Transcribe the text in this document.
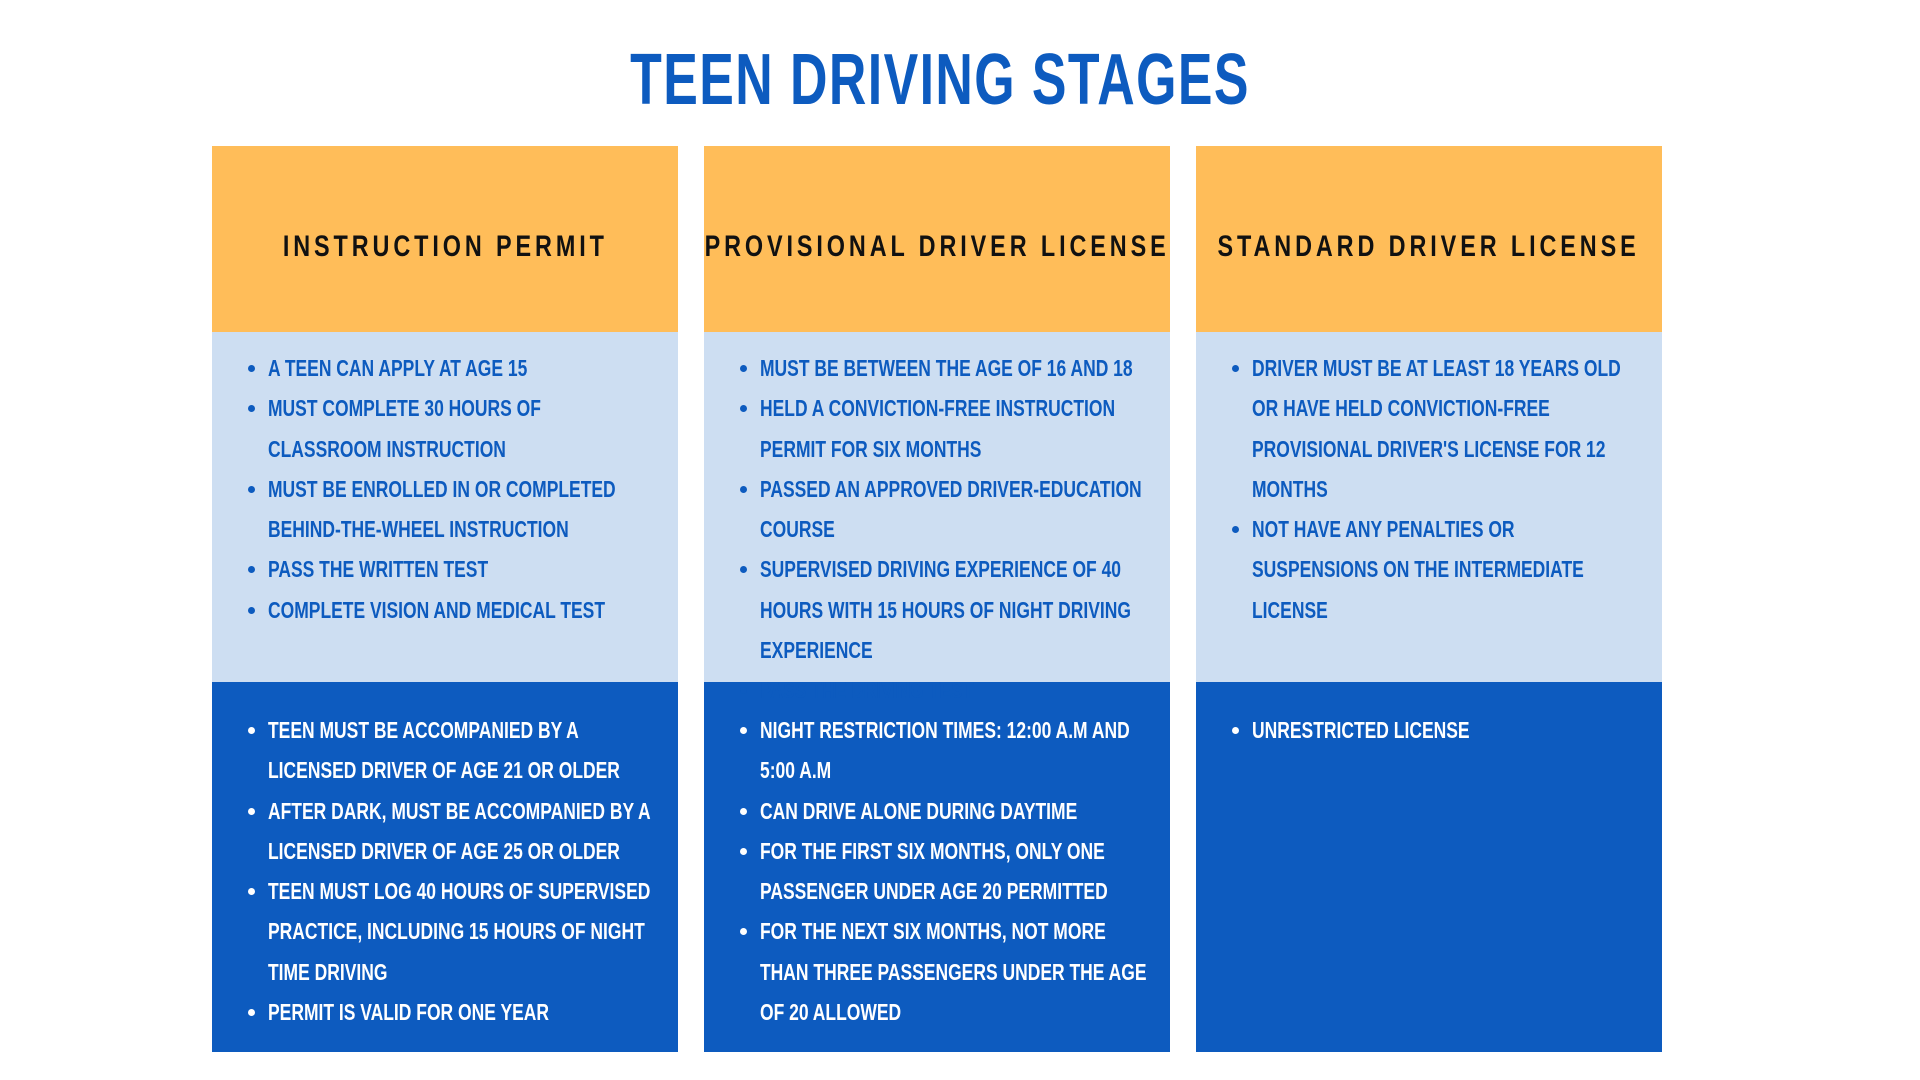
TEEN DRIVING STAGES
INSTRUCTION PERMIT
A TEEN CAN APPLY AT AGE 15
MUST COMPLETE 30 HOURS OF CLASSROOM INSTRUCTION
MUST BE ENROLLED IN OR COMPLETED BEHIND-THE-WHEEL INSTRUCTION
PASS THE WRITTEN TEST
COMPLETE VISION AND MEDICAL TEST
TEEN MUST BE ACCOMPANIED BY A LICENSED DRIVER OF AGE 21 OR OLDER
AFTER DARK, MUST BE ACCOMPANIED BY A LICENSED DRIVER OF AGE 25 OR OLDER
TEEN MUST LOG 40 HOURS OF SUPERVISED PRACTICE, INCLUDING 15 HOURS OF NIGHT TIME DRIVING
PERMIT IS VALID FOR ONE YEAR
PROVISIONAL DRIVER LICENSE
MUST BE BETWEEN THE AGE OF 16 AND 18
HELD A CONVICTION-FREE INSTRUCTION PERMIT FOR SIX MONTHS
PASSED AN APPROVED DRIVER-EDUCATION COURSE
SUPERVISED DRIVING EXPERIENCE OF 40 HOURS WITH 15 HOURS OF NIGHT DRIVING EXPERIENCE
PASS THE DRIVING TEST
NIGHT RESTRICTION TIMES: 12:00 A.M AND 5:00 A.M
CAN DRIVE ALONE DURING DAYTIME
FOR THE FIRST SIX MONTHS, ONLY ONE PASSENGER UNDER AGE 20 PERMITTED
FOR THE NEXT SIX MONTHS, NOT MORE THAN THREE PASSENGERS UNDER THE AGE OF 20 ALLOWED
STANDARD DRIVER LICENSE
DRIVER MUST BE AT LEAST 18 YEARS OLD OR HAVE HELD CONVICTION-FREE PROVISIONAL DRIVER'S LICENSE FOR 12 MONTHS
NOT HAVE ANY PENALTIES OR SUSPENSIONS ON THE INTERMEDIATE LICENSE
UNRESTRICTED LICENSE
